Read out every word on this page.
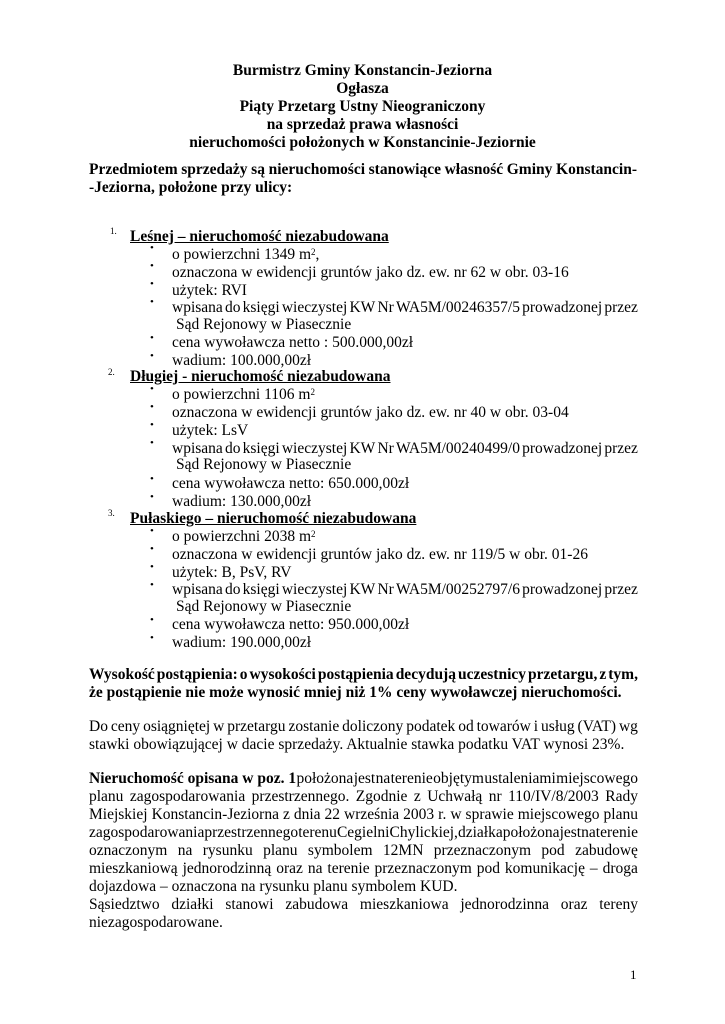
Burmistrz Gminy Konstancin-Jeziorna
Ogłasza
Piąty Przetarg Ustny Nieograniczony
na sprzedaż prawa własności
nieruchomości położonych w Konstancinie-Jeziornie
Przedmiotem sprzedaży są nieruchomości stanowiące własność Gminy Konstancin-
-Jeziorna, położone przy ulicy:
1. Leśnej – nieruchomość niezabudowana
• o powierzchni 1349 $m^2$,
• oznaczona w ewidencji gruntów jako dz. ew. nr 62 w obr. 03-16
• użytek: RVI
• wpisana do księgi wieczystej KW Nr WA5M/00246357/5 prowadzonej przez
Sąd Rejonowy w Piasecznie
• cena wywoławcza netto : 500.000,00zł
• wadium: 100.000,00zł
2. Długiej - nieruchomość niezabudowana
• o powierzchni 1106 $m^2$
• oznaczona w ewidencji gruntów jako dz. ew. nr 40 w obr. 03-04
• użytek: LsV
• wpisana do księgi wieczystej KW Nr WA5M/00240499/0 prowadzonej przez
Sąd Rejonowy w Piasecznie
• cena wywoławcza netto: 650.000,00zł
• wadium: 130.000,00zł
3. Pułaskiego – nieruchomość niezabudowana
• o powierzchni 2038 $m^2$
• oznaczona w ewidencji gruntów jako dz. ew. nr 119/5 w obr. 01-26
• użytek: B, PsV, RV
• wpisana do księgi wieczystej KW Nr WA5M/00252797/6 prowadzonej przez
Sąd Rejonowy w Piasecznie
• cena wywoławcza netto: 950.000,00zł
• wadium: 190.000,00zł
Wysokość postąpienia: o wysokości postąpienia decydują uczestnicy przetargu, z tym,
że postąpienie nie może wynosić mniej niż 1% ceny wywoławczej nieruchomości.
Do ceny osiągniętej w przetargu zostanie doliczony podatek od towarów i usług (VAT) wg
stawki obowiązującej w dacie sprzedaży. Aktualnie stawka podatku VAT wynosi 23%.
Nieruchomość opisana w poz. 1 położona jest na terenie objętym ustaleniami miejscowego
planu zagospodarowania przestrzennego. Zgodnie z Uchwałą nr 110/IV/8/2003 Rady
Miejskiej Konstancin-Jeziorna z dnia 22 września 2003 r. w sprawie miejscowego planu
zagospodarowania przestrzennego terenu Cegielni Chylickiej, działka położona jest na terenie
oznaczonym na rysunku planu symbolem 12MN przeznaczonym pod zabudowę
mieszkaniową jednorodzinną oraz na terenie przeznaczonym pod komunikację – droga
dojazdowa – oznaczona na rysunku planu symbolem KUD.
Sąsiedztwo działki stanowi zabudowa mieszkaniowa jednorodzinna oraz tereny
niezagospodarowane.
1
